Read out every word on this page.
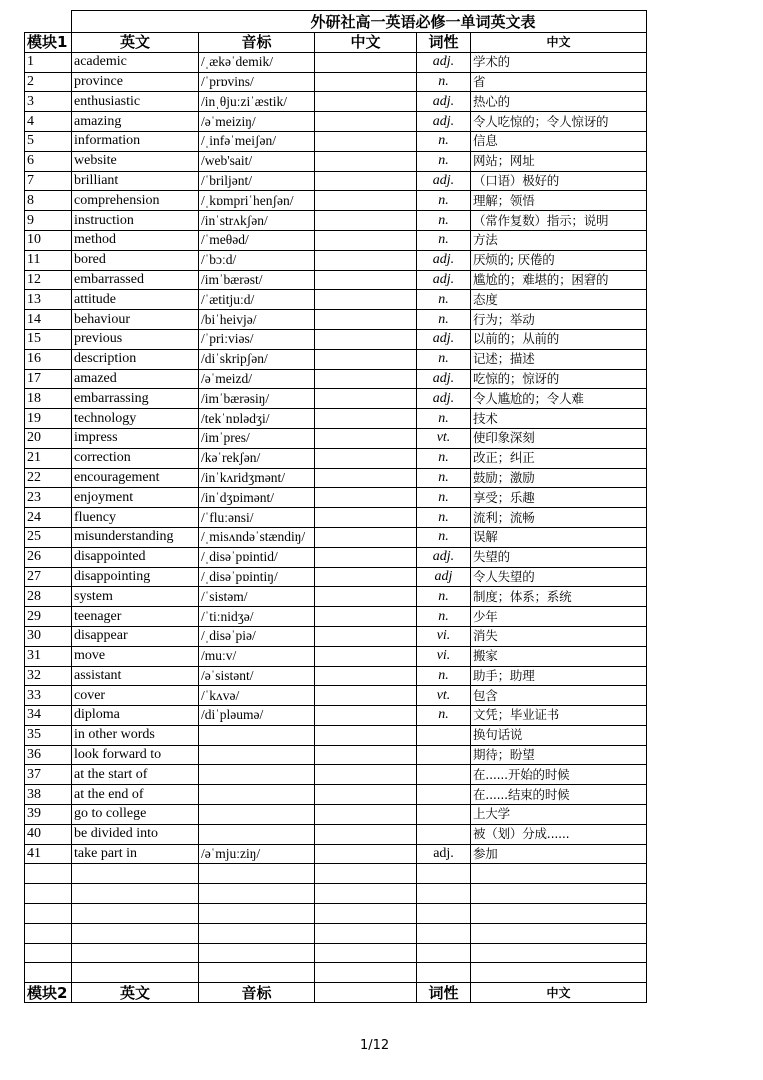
	外研社高一英语必修一单词英文表				
模块1	英文	音标	中文	词性	中文
1	academic	/ˌækəˈdemik/		adj.	学术的
2	province	/ˈprɒvins/		n.	省
3	enthusiastic	/inˌθjuːziˈæstik/		adj.	热心的
4	amazing	/əˈmeiziŋ/		adj.	令人吃惊的；令人惊讶的
5	information	/ˌinfəˈmeiʃən/		n.	信息
6	website	/web'sait/		n.	网站；网址
7	brilliant	/ˈbriljənt/		adj.	（口语）极好的
8	comprehension	/ˌkɒmpriˈhenʃən/		n.	理解；领悟
9	instruction	/inˈstrʌkʃən/		n.	（常作复数）指示；说明
10	method	/ˈmeθəd/		n.	方法
11	bored	/ˈbɔːd/		adj.	厌烦的; 厌倦的
12	embarrassed	/imˈbærəst/		adj.	尴尬的；难堪的；困窘的
13	attitude	/ˈætitjuːd/		n.	态度
14	behaviour	/biˈheivjə/		n.	行为；举动
15	previous	/ˈpriːviəs/		adj.	以前的；从前的
16	description	/diˈskripʃən/		n.	记述；描述
17	amazed	/əˈmeizd/		adj.	吃惊的；惊讶的
18	embarrassing	/imˈbærəsiŋ/		adj.	令人尴尬的；令人难
19	technology	/tekˈnɒlədʒi/		n.	技术
20	impress	/imˈpres/		vt.	使印象深刻
21	correction	/kəˈrekʃən/		n.	改正；纠正
22	encouragement	/inˈkʌridʒmənt/		n.	鼓励；激励
23	enjoyment	/inˈdʒɒimənt/		n.	享受；乐趣
24	fluency	/ˈfluːənsi/		n.	流利；流畅
25	misunderstanding	/ˌmisʌndəˈstændiŋ/		n.	误解
26	disappointed	/ˌdisəˈpɒintid/		adj.	失望的
27	disappointing	/ˌdisəˈpɒintiŋ/		adj	令人失望的
28	system	/ˈsistəm/		n.	制度；体系；系统
29	teenager	/ˈtiːnidʒə/		n.	少年
30	disappear	/ˌdisəˈpiə/		vi.	消失
31	move	/muːv/		vi.	搬家
32	assistant	/əˈsistənt/		n.	助手；助理
33	cover	/ˈkʌvə/		vt.	包含
34	diploma	/diˈpləumə/		n.	文凭；毕业证书
35	in other words				换句话说
36	look forward to				期待；盼望
37	at the start of				在......开始的时候
38	at the end of				在......结束的时候
39	go to college				上大学
40	be divided into				被（划）分成......
41	take part in	/əˈmjuːziŋ/		adj.	参加

模块2	英文	音标		词性	中文
1/12
